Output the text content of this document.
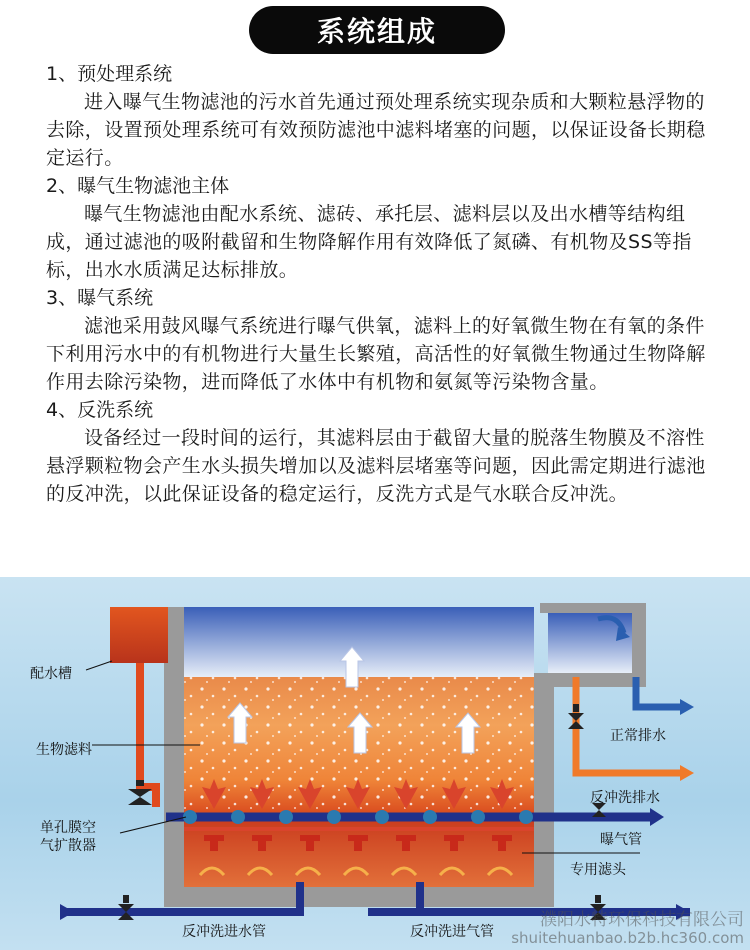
系统组成
1、预处理系统
进入曝气生物滤池的污水首先通过预处理系统实现杂质和大颗粒悬浮物的去除，设置预处理系统可有效预防滤池中滤料堵塞的问题，以保证设备长期稳定运行。
2、曝气生物滤池主体
曝气生物滤池由配水系统、滤砖、承托层、滤料层以及出水槽等结构组成，通过滤池的吸附截留和生物降解作用有效降低了氮磷、有机物及SS等指标，出水水质满足达标排放。
3、曝气系统
滤池采用鼓风曝气系统进行曝气供氧，滤料上的好氧微生物在有氧的条件下利用污水中的有机物进行大量生长繁殖，高活性的好氧微生物通过生物降解作用去除污染物，进而降低了水体中有机物和氨氮等污染物含量。
4、反洗系统
设备经过一段时间的运行，其滤料层由于截留大量的脱落生物膜及不溶性悬浮颗粒物会产生水头损失增加以及滤料层堵塞等问题，因此需定期进行滤池的反冲洗，以此保证设备的稳定运行，反洗方式是气水联合反冲洗。
配水槽
生物滤料
单孔膜空
气扩散器
正常排水
反冲洗排水
曝气管
专用滤头
反冲洗进水管	反冲洗进气管
濮阳水特环保科技有限公司
shuitehuanbao.b2b.hc360.com
